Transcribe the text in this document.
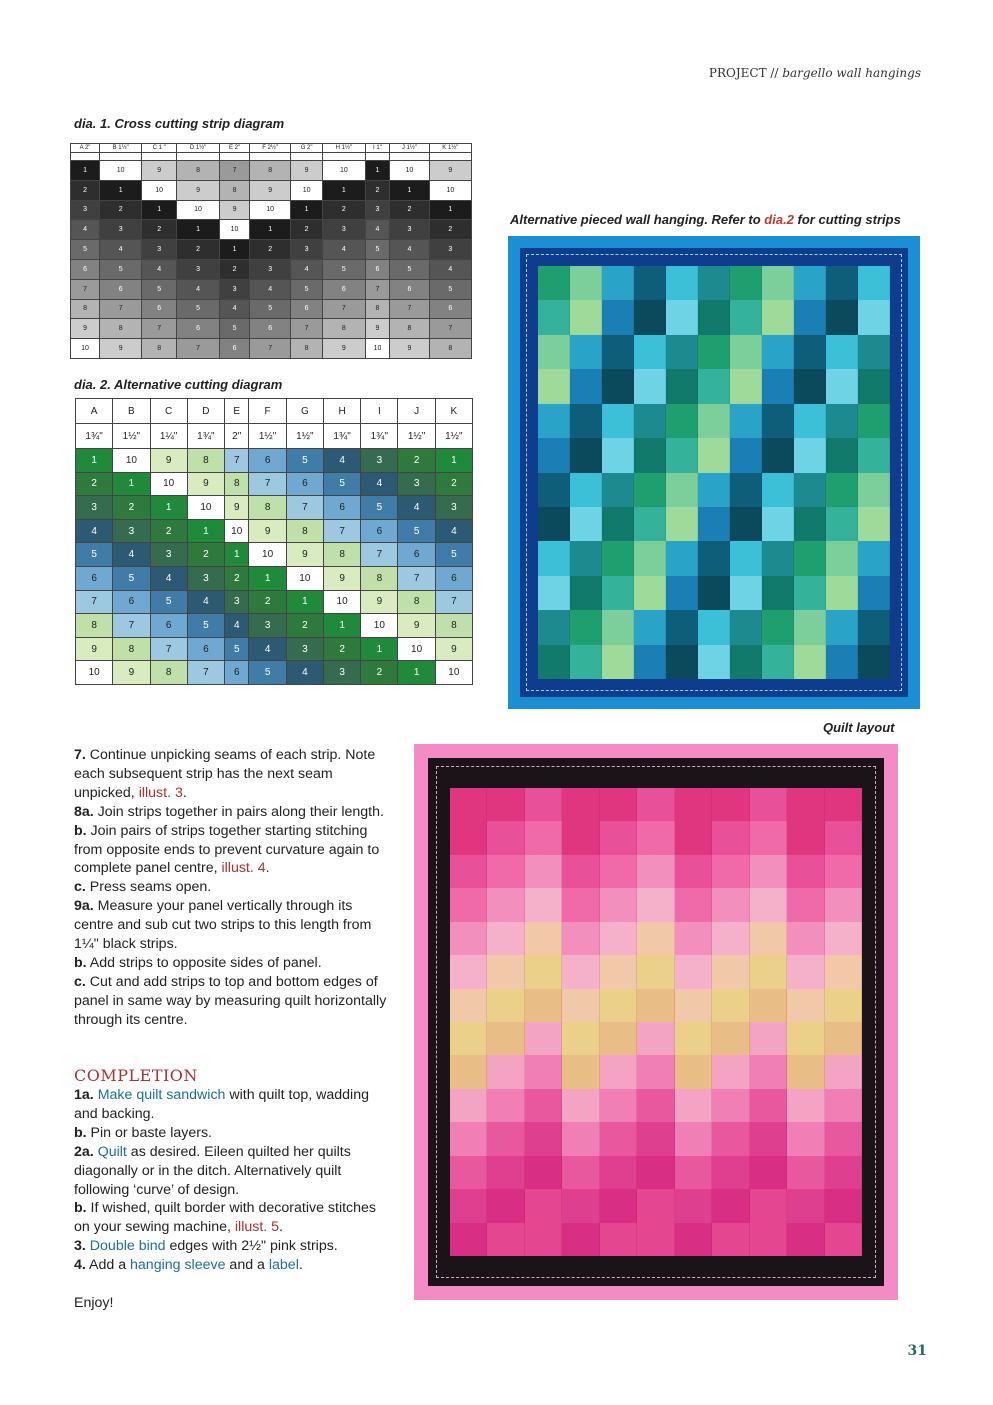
PROJECT // bargello wall hangings
dia. 1. Cross cutting strip diagram
A 2"	B 1½"	C 1 "	D 1½"	E 2"	F 2½"	G 2"	H 1½"	I 1"	J 1½"	K 1½"

1	10	9	8	7	8	9	10	1	10	9
2	1	10	9	8	9	10	1	2	1	10
3	2	1	10	9	10	1	2	3	2	1
4	3	2	1	10	1	2	3	4	3	2
5	4	3	2	1	2	3	4	5	4	3
6	5	4	3	2	3	4	5	6	5	4
7	6	5	4	3	4	5	6	7	6	5
8	7	6	5	4	5	6	7	8	7	6
9	8	7	6	5	6	7	8	9	8	7
10	9	8	7	6	7	8	9	10	9	8
dia. 2. Alternative cutting diagram
A	B	C	D	E	F	G	H	I	J	K
1¾"	1½"	1¼"	1¾"	2"	1½"	1½"	1¾"	1¾"	1½"	1½"
1	10	9	8	7	6	5	4	3	2	1
2	1	10	9	8	7	6	5	4	3	2
3	2	1	10	9	8	7	6	5	4	3
4	3	2	1	10	9	8	7	6	5	4
5	4	3	2	1	10	9	8	7	6	5
6	5	4	3	2	1	10	9	8	7	6
7	6	5	4	3	2	1	10	9	8	7
8	7	6	5	4	3	2	1	10	9	8
9	8	7	6	5	4	3	2	1	10	9
10	9	8	7	6	5	4	3	2	1	10
Alternative pieced wall hanging. Refer to dia.2 for cutting strips
Quilt layout

7. Continue unpicking seams of each strip. Note each subsequent strip has the next seam unpicked, illust. 3.

8a. Join strips together in pairs along their length.

b. Join pairs of strips together starting stitching from opposite ends to prevent curvature again to complete panel centre, illust. 4.

c. Press seams open.

9a. Measure your panel vertically through its centre and sub cut two strips to this length from 1¼" black strips.

b. Add strips to opposite sides of panel.

c. Cut and add strips to top and bottom edges of panel in same way by measuring quilt horizontally through its centre.

COMPLETION

1a. Make quilt sandwich with quilt top, wadding and backing.

b. Pin or baste layers.

2a. Quilt as desired. Eileen quilted her quilts diagonally or in the ditch. Alternatively quilt following ‘curve’ of design.

b. If wished, quilt border with decorative stitches on your sewing machine, illust. 5.

3. Double bind edges with 2½" pink strips.

4. Add a hanging sleeve and a label.

Enjoy!

31
